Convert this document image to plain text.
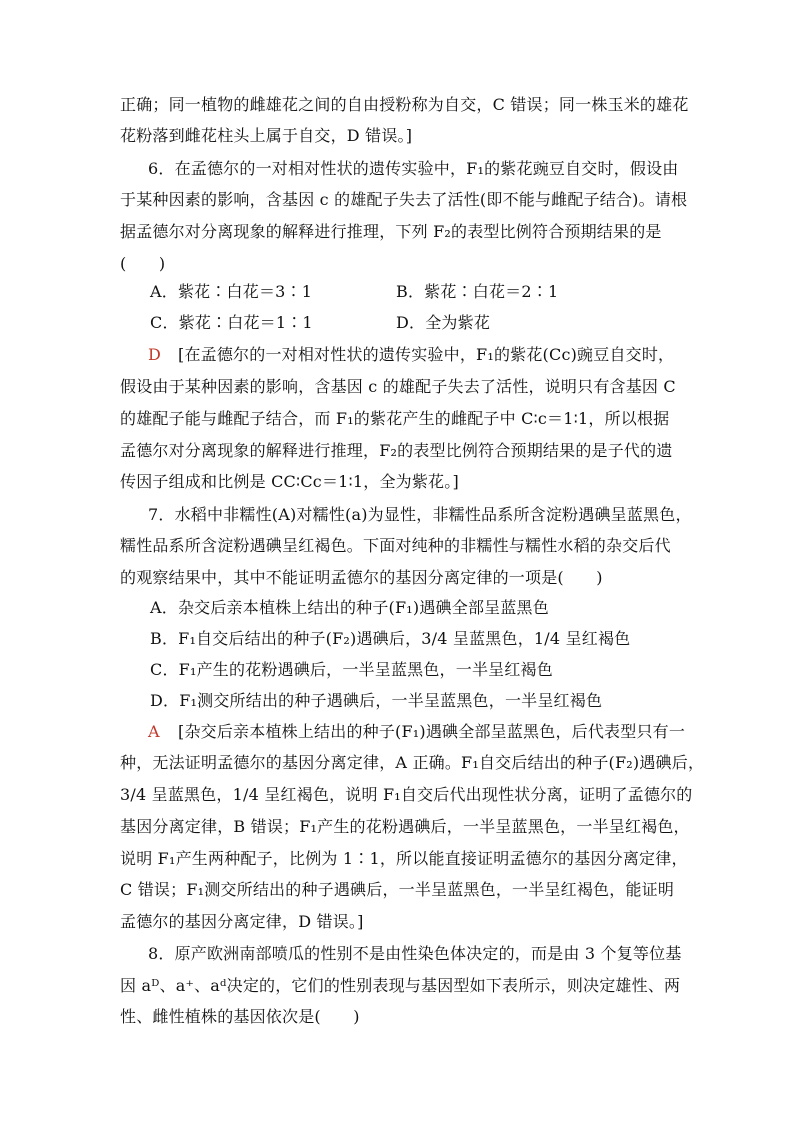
正确；同一植物的雌雄花之间的自由授粉称为自交，C 错误；同一株玉米的雄花
花粉落到雌花柱头上属于自交，D 错误。]
6．在孟德尔的一对相对性状的遗传实验中，F₁的紫花豌豆自交时，假设由
于某种因素的影响，含基因 c 的雄配子失去了活性(即不能与雌配子结合)。请根
据孟德尔对分离现象的解释进行推理，下列 F₂的表型比例符合预期结果的是
(　　)
A．紫花∶白花＝3∶1	B．紫花∶白花＝2∶1
C．紫花∶白花＝1∶1	D．全为紫花
D [在孟德尔的一对相对性状的遗传实验中，F₁的紫花(Cc)豌豆自交时，
假设由于某种因素的影响，含基因 c 的雄配子失去了活性，说明只有含基因 C
的雄配子能与雌配子结合，而 F₁的紫花产生的雌配子中 C∶c＝1∶1，所以根据
孟德尔对分离现象的解释进行推理，F₂的表型比例符合预期结果的是子代的遗
传因子组成和比例是 CC∶Cc＝1∶1，全为紫花。]
7．水稻中非糯性(A)对糯性(a)为显性，非糯性品系所含淀粉遇碘呈蓝黑色，
糯性品系所含淀粉遇碘呈红褐色。下面对纯种的非糯性与糯性水稻的杂交后代
的观察结果中，其中不能证明孟德尔的基因分离定律的一项是(　　)
A．杂交后亲本植株上结出的种子(F₁)遇碘全部呈蓝黑色
B．F₁自交后结出的种子(F₂)遇碘后，3/4 呈蓝黑色，1/4 呈红褐色
C．F₁产生的花粉遇碘后，一半呈蓝黑色，一半呈红褐色
D．F₁测交所结出的种子遇碘后，一半呈蓝黑色，一半呈红褐色
A [杂交后亲本植株上结出的种子(F₁)遇碘全部呈蓝黑色，后代表型只有一
种，无法证明孟德尔的基因分离定律，A 正确。F₁自交后结出的种子(F₂)遇碘后，
3/4 呈蓝黑色，1/4 呈红褐色，说明 F₁自交后代出现性状分离，证明了孟德尔的
基因分离定律，B 错误；F₁产生的花粉遇碘后，一半呈蓝黑色，一半呈红褐色，
说明 F₁产生两种配子，比例为 1∶1，所以能直接证明孟德尔的基因分离定律，
C 错误；F₁测交所结出的种子遇碘后，一半呈蓝黑色，一半呈红褐色，能证明
孟德尔的基因分离定律，D 错误。]
8．原产欧洲南部喷瓜的性别不是由性染色体决定的，而是由 3 个复等位基
因 aᴰ、a⁺、aᵈ决定的，它们的性别表现与基因型如下表所示，则决定雄性、两
性、雌性植株的基因依次是(　　)
